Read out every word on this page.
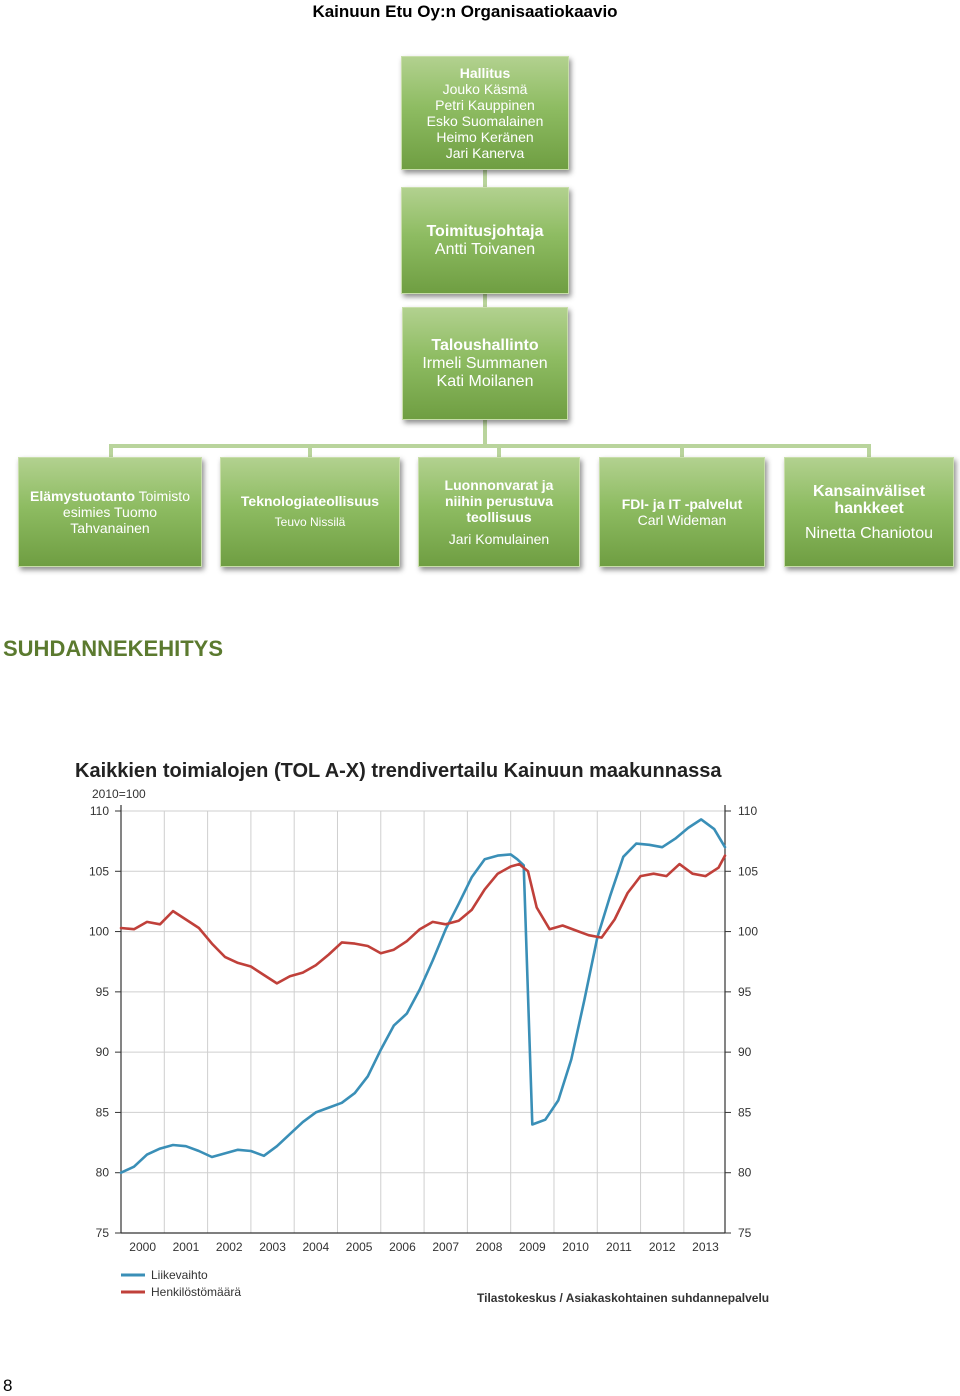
Kainuun Etu Oy:n Organisaatiokaavio
Hallitus
Jouko Käsmä
Petri Kauppinen
Esko Suomalainen
Heimo Keränen
Jari Kanerva
Toimitusjohtaja
Antti Toivanen
Taloushallinto
Irmeli Summanen
Kati Moilanen
Elämystuotanto Toimisto esimies Tuomo Tahvanainen
Teknologiateollisuus
Teuvo Nissilä
Luonnonvarat ja niihin perustuva teollisuus
Jari Komulainen
FDI- ja IT -palvelut
Carl Wideman
Kansainväliset hankkeet
Ninetta Chaniotou
SUHDANNEKEHITYS
Kaikkien toimialojen (TOL A-X) trendivertailu Kainuun maakunnassa
2010=100
75	75
80	80
85	85
90	90
95	95
100	100
105	105
110	110
2000 2001 2002 2003 2004 2005 2006 2007 2008 2009 2010 2011 2012 2013
Liikevaihto
Henkilöstömäärä	Tilastokeskus / Asiakaskohtainen suhdannepalvelu
8
